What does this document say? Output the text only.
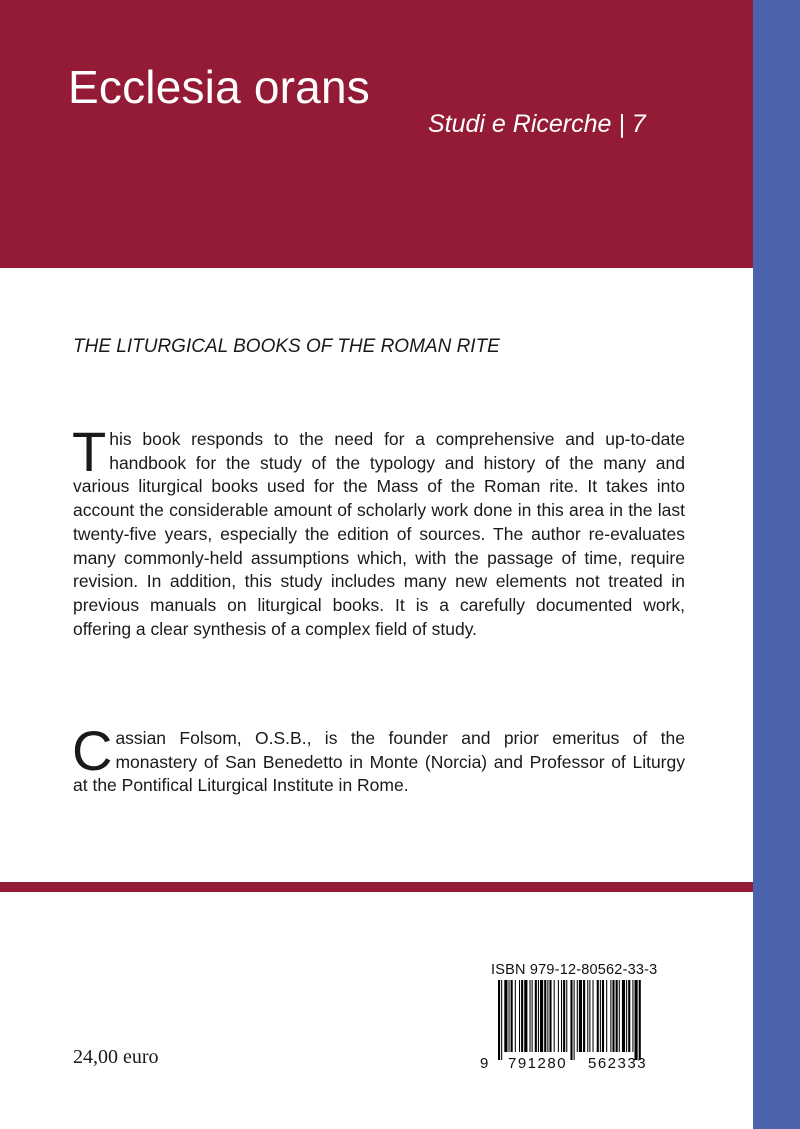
Ecclesia orans
Studi e Ricerche | 7
THE LITURGICAL BOOKS OF THE ROMAN RITE
This book responds to the need for a comprehensive and up-to-date handbook for the study of the typology and history of the many and various liturgical books used for the Mass of the Roman rite. It takes into account the considerable amount of scholarly work done in this area in the last twenty-five years, especially the edition of sources. The author re-evaluates many commonly-held assumptions which, with the passage of time, require revision. In addition, this study includes many new elements not treated in previous manuals on liturgical books. It is a carefully documented work, offering a clear synthesis of a complex field of study.
Cassian Folsom, O.S.B., is the founder and prior emeritus of the monastery of San Benedetto in Monte (Norcia) and Professor of Liturgy at the Pontifical Liturgical Institute in Rome.
ISBN 979-12-80562-33-3
9 791280 562333
24,00 euro
